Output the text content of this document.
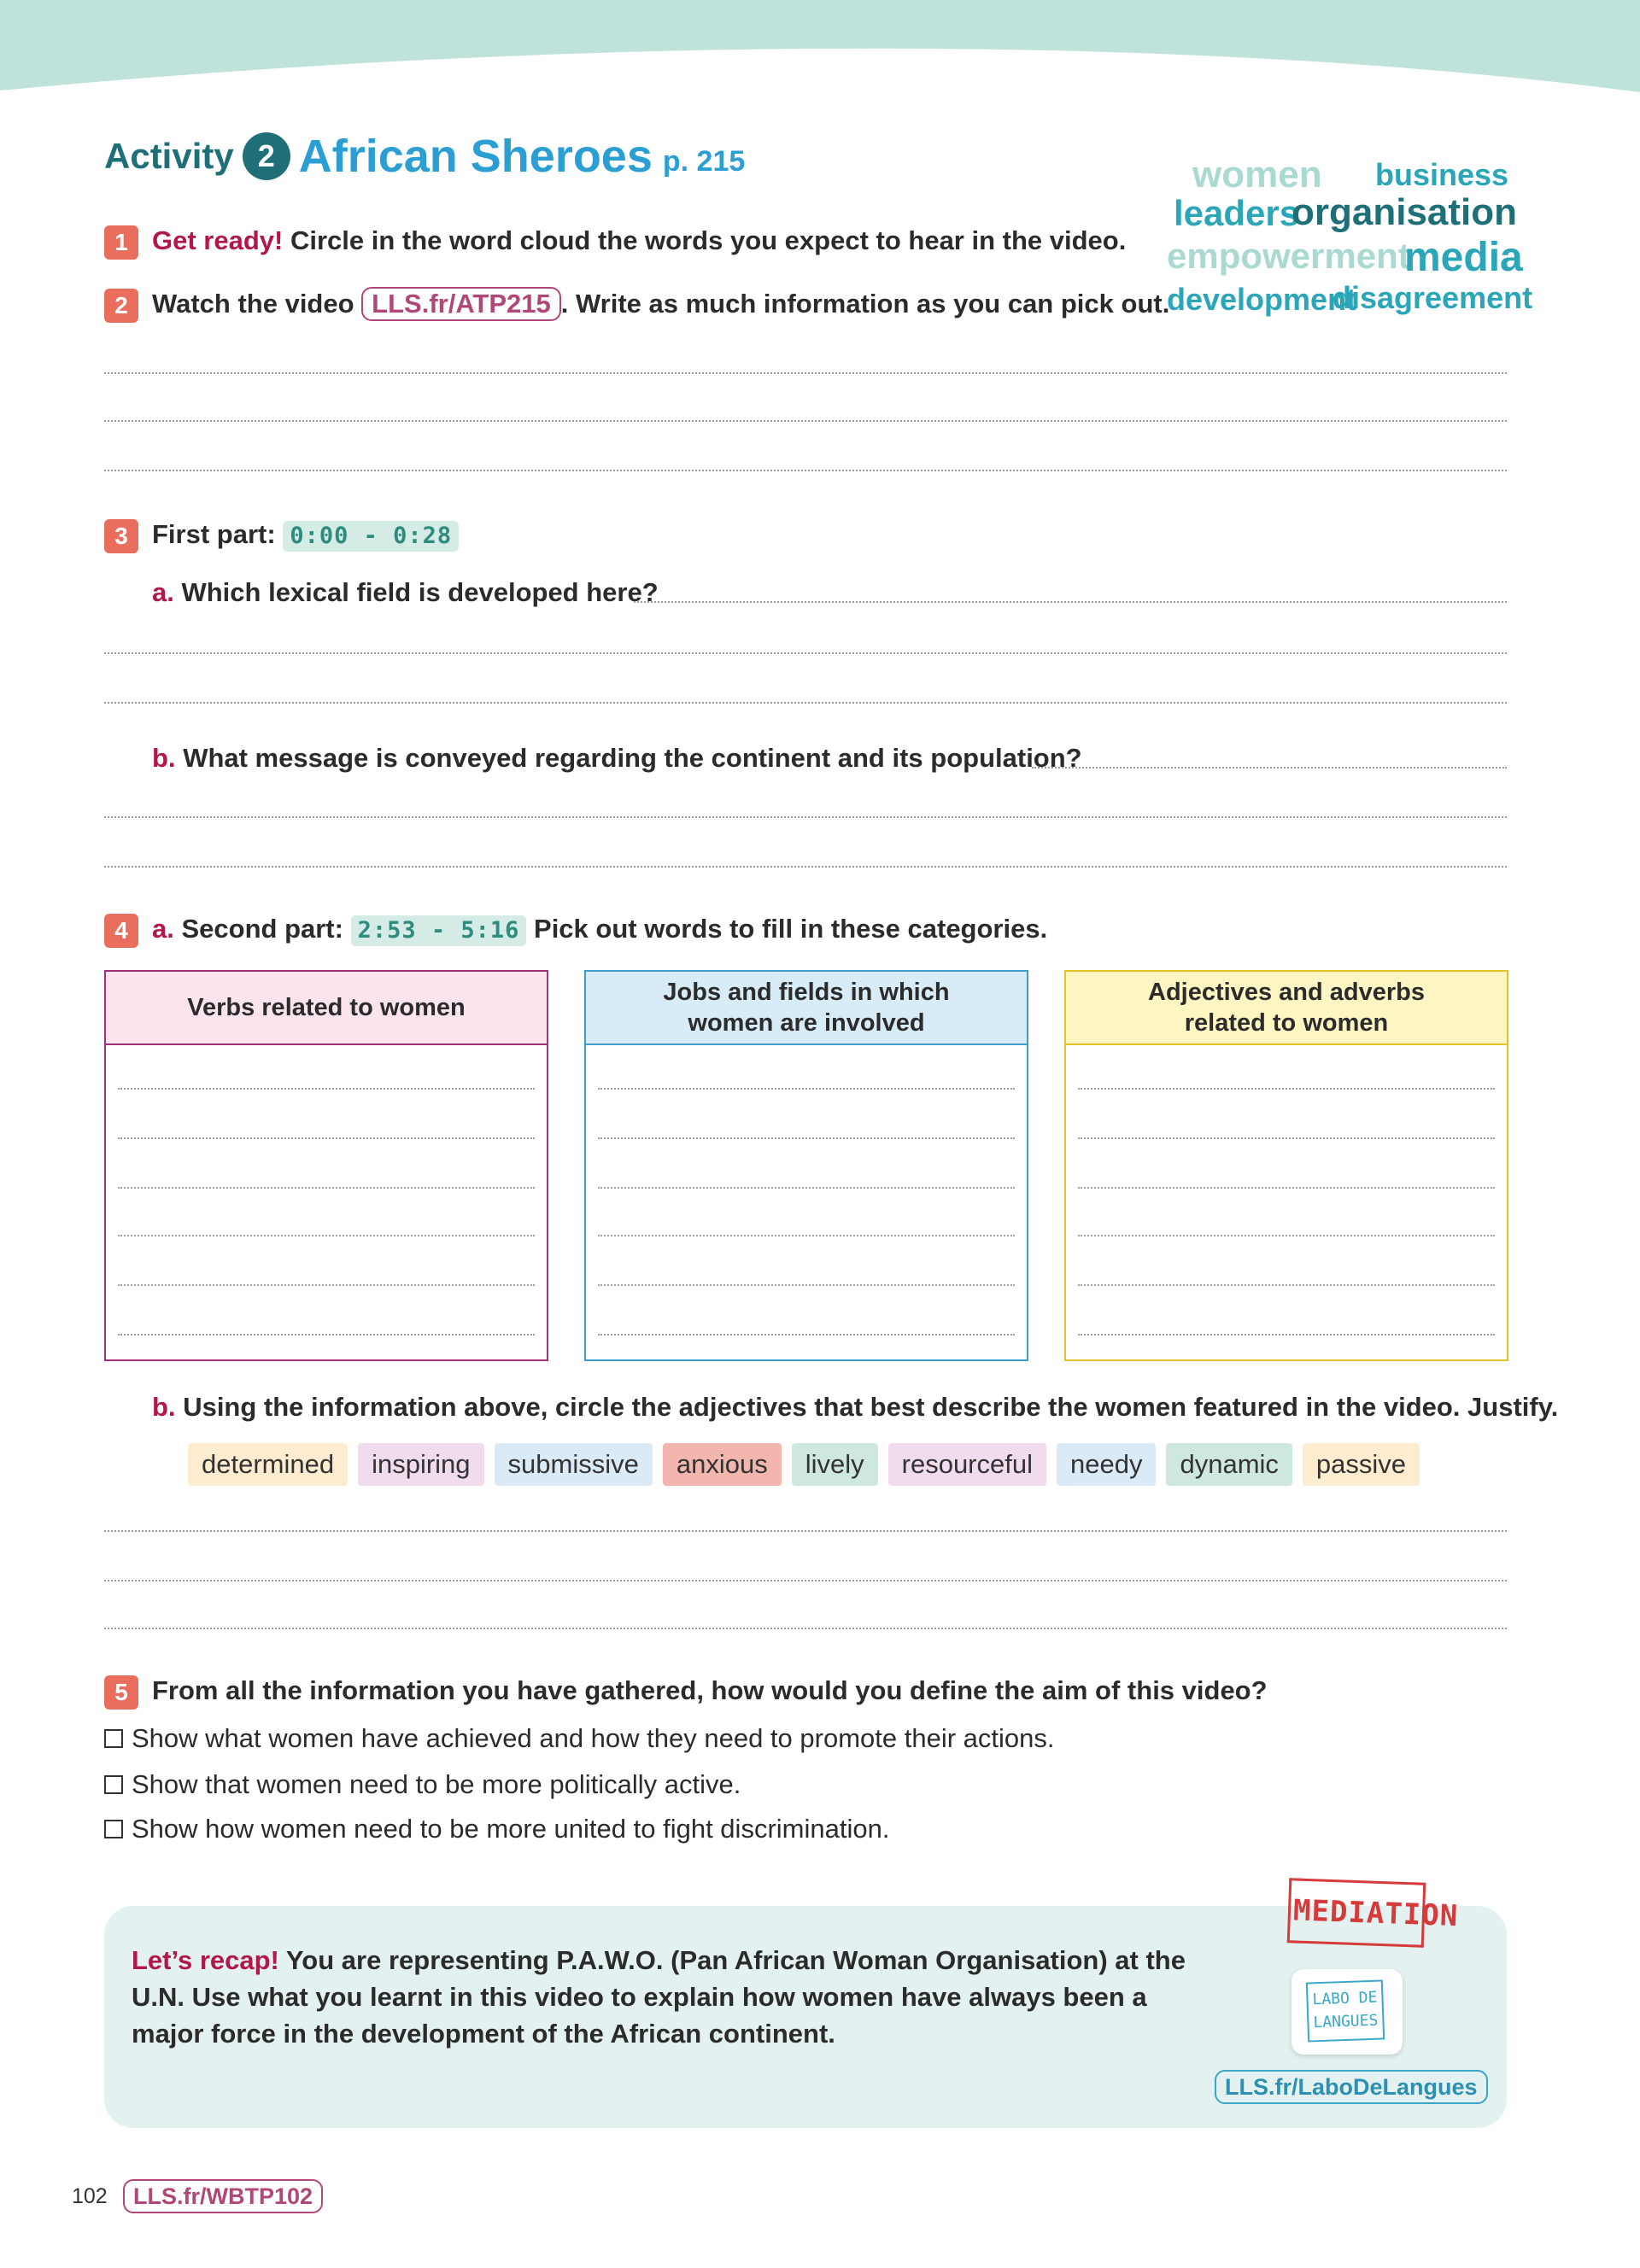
Activity 2 African Sheroes p. 215	women business
leaders
organisation
empowerment
media
development
disagreement
1 Get ready! Circle in the word cloud the words you expect to hear in the video.
2 Watch the video LLS.fr/ATP215 . Write as much information as you can pick out.
3 First part: 0:00 - 0:28
a. Which lexical field is developed here?
b. What message is conveyed regarding the continent and its population?
4 a. Second part: 2:53 - 5:16 Pick out words to fill in these categories.
Verbs related to women
Jobs and fields in which
women are involved
Adjectives and adverbs
related to women
b. Using the information above, circle the adjectives that best describe the women featured in the video. Justify.
determined	inspiring	submissive	anxious	lively	resourceful	needy	dynamic	passive
5 From all the information you have gathered, how would you define the aim of this video?
Show what women have achieved and how they need to promote their actions.
Show that women need to be more politically active.
Show how women need to be more united to fight discrimination.
Let’s recap! You are representing P.A.W.O. (Pan African Woman Organisation) at the U.N. Use what you learnt in this video to explain how women have always been a major force in the development of the African continent.
MEDIATION
LABO DE
LANGUES
LLS.fr/LaboDeLangues
102	LLS.fr/WBTP102
